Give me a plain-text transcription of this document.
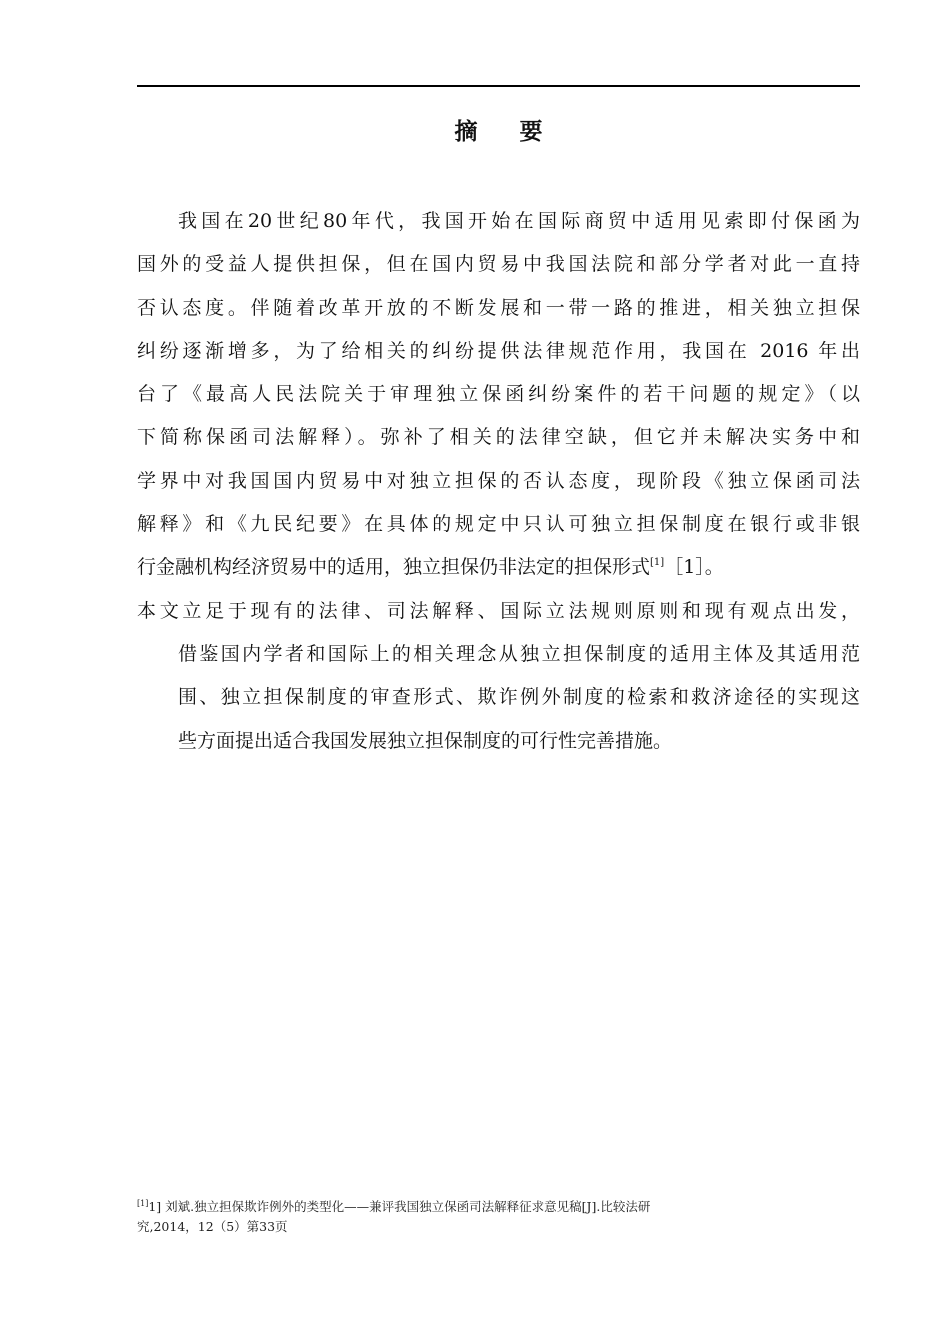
摘 要
我国在20世纪80年代，我国开始在国际商贸中适用见索即付保函为
国外的受益人提供担保，但在国内贸易中我国法院和部分学者对此一直持
否认态度。伴随着改革开放的不断发展和一带一路的推进，相关独立担保
纠纷逐渐增多，为了给相关的纠纷提供法律规范作用，我国在 2016 年出
台了《最高人民法院关于审理独立保函纠纷案件的若干问题的规定》（以
下简称保函司法解释）。弥补了相关的法律空缺，但它并未解决实务中和
学界中对我国国内贸易中对独立担保的否认态度，现阶段《独立保函司法
解释》和《九民纪要》在具体的规定中只认可独立担保制度在银行或非银
行金融机构经济贸易中的适用，独立担保仍非法定的担保形式[1]［1］。
本文立足于现有的法律、司法解释、国际立法规则原则和现有观点出发，
借鉴国内学者和国际上的相关理念从独立担保制度的适用主体及其适用范
围、独立担保制度的审查形式、欺诈例外制度的检索和救济途径的实现这
些方面提出适合我国发展独立担保制度的可行性完善措施。
[1]1] 刘斌.独立担保欺诈例外的类型化——兼评我国独立保函司法解释征求意见稿[J].比较法研
究,2014，12（5）第33页
